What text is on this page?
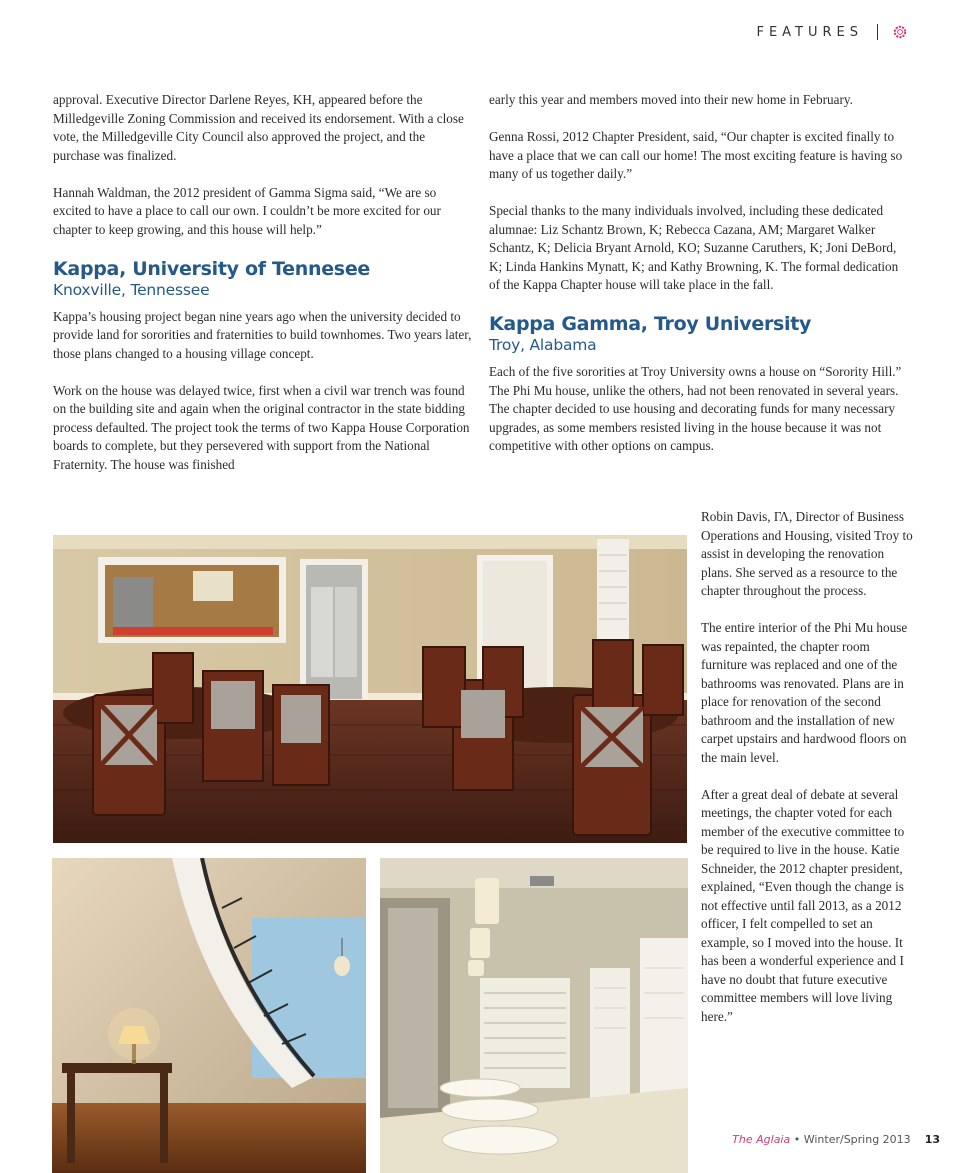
FEATURES

approval. Executive Director Darlene Reyes, KH, appeared before the Milledgeville Zoning Commission and received its endorsement. With a close vote, the Milledgeville City Council also approved the project, and the purchase was finalized.

Hannah Waldman, the 2012 president of Gamma Sigma said, “We are so excited to have a place to call our own. I couldn’t be more excited for our chapter to keep growing, and this house will help.”

Kappa, University of Tennesee
Knoxville, Tennessee

Kappa’s housing project began nine years ago when the university decided to provide land for sororities and fraternities to build townhomes. Two years later, those plans changed to a housing village concept.

Work on the house was delayed twice, first when a civil war trench was found on the building site and again when the original contractor in the state bidding process defaulted. The project took the terms of two Kappa House Corporation boards to complete, but they persevered with support from the National Fraternity. The house was finished

early this year and members moved into their new home in February.

Genna Rossi, 2012 Chapter President, said, “Our chapter is excited finally to have a place that we can call our home! The most exciting feature is having so many of us together daily.”

Special thanks to the many individuals involved, including these dedicated alumnae: Liz Schantz Brown, K; Rebecca Cazana, AM; Margaret Walker Schantz, K; Delicia Bryant Arnold, KO; Suzanne Caruthers, K; Joni DeBord, K; Linda Hankins Mynatt, K; and Kathy Browning, K. The formal dedication of the Kappa Chapter house will take place in the fall.

Kappa Gamma, Troy University
Troy, Alabama

Each of the five sororities at Troy University owns a house on “Sorority Hill.” The Phi Mu house, unlike the others, had not been renovated in several years. The chapter decided to use housing and decorating funds for many necessary upgrades, as some members resisted living in the house because it was not competitive with other options on campus.

Robin Davis, ΓΛ, Director of Business Operations and Housing, visited Troy to assist in developing the renovation plans. She served as a resource to the chapter throughout the process.

The entire interior of the Phi Mu house was repainted, the chapter room furniture was replaced and one of the bathrooms was renovated. Plans are in place for renovation of the second bathroom and the installation of new carpet upstairs and hardwood floors on the main level.

After a great deal of debate at several meetings, the chapter voted for each member of the executive committee to be required to live in the house. Katie Schneider, the 2012 chapter president, explained, “Even though the change is not effective until fall 2013, as a 2012 officer, I felt compelled to set an example, so I moved into the house. It has been a wonderful experience and I have no doubt that future executive committee members will love living here.”

The Aglaia • Winter/Spring 2013 13
